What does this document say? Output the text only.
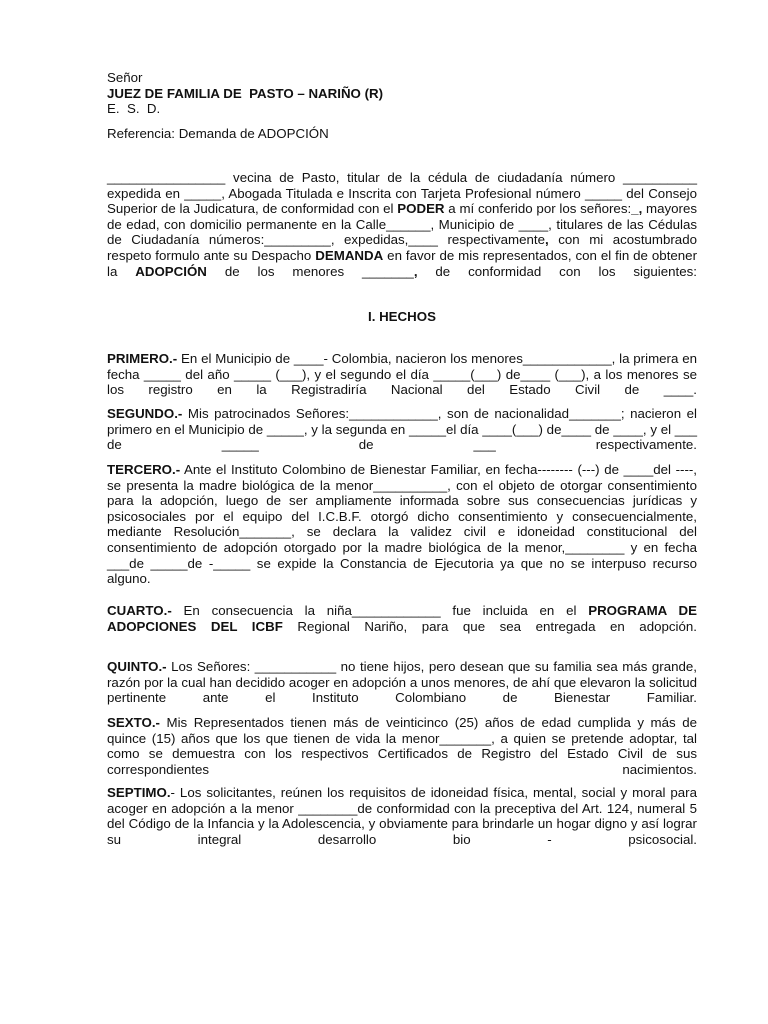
Señor
JUEZ DE FAMILIA DE  PASTO – NARIÑO (R)
E.  S.  D.

Referencia: Demanda de ADOPCIÓN

________________ vecina de Pasto, titular de la cédula de ciudadanía número __________ expedida en _____, Abogada Titulada e Inscrita con Tarjeta Profesional número _____ del Consejo Superior de la Judicatura, de conformidad con el PODER a mí conferido por los señores:_, mayores de edad, con domicilio permanente en la Calle______, Municipio de ____, titulares de las Cédulas de Ciudadanía números:_________, expedidas,____ respectivamente, con mi acostumbrado respeto formulo ante su Despacho DEMANDA en favor de mis representados, con el fin de obtener la ADOPCIÓN de los menores _______, de conformidad con los siguientes:

I. HECHOS

PRIMERO.- En el Municipio de ____- Colombia, nacieron los menores____________, la primera en fecha _____ del año _____ (___), y el segundo el día _____(___) de____ (___), a los menores se los registro en la Registradiría Nacional del Estado Civil de ____.

SEGUNDO.- Mis patrocinados Señores:____________, son de nacionalidad_______; nacieron el primero en el Municipio de _____, y la segunda en _____el día ____(___) de____ de ____, y el ___ de _____ de ___ respectivamente.

TERCERO.- Ante el Instituto Colombino de Bienestar Familiar, en fecha-------- (---) de ____del ----, se presenta la madre biológica de la menor__________, con el objeto de otorgar consentimiento para la adopción, luego de ser ampliamente informada sobre sus consecuencias jurídicas y psicosociales por el equipo del I.C.B.F. otorgó dicho consentimiento y consecuencialmente, mediante Resolución_______, se declara la validez civil e idoneidad constitucional del consentimiento de adopción otorgado por la madre biológica de la menor,________ y en fecha ___de _____de -_____ se expide la Constancia de Ejecutoria ya que no se interpuso recurso alguno.

CUARTO.- En consecuencia la niña____________ fue incluida en el PROGRAMA DE ADOPCIONES DEL ICBF Regional Nariño, para que sea entregada en adopción.

QUINTO.- Los Señores: ___________ no tiene hijos, pero desean que su familia sea más grande, razón por la cual han decidido acoger en adopción a unos menores, de ahí que elevaron la solicitud pertinente ante el Instituto Colombiano de Bienestar Familiar.

SEXTO.- Mis Representados tienen más de veinticinco (25) años de edad cumplida y más de quince (15) años que los que tienen de vida la menor_______, a quien se pretende adoptar, tal como se demuestra con los respectivos Certificados de Registro del Estado Civil de sus correspondientes nacimientos.

SEPTIMO.- Los solicitantes, reúnen los requisitos de idoneidad física, mental, social y moral para acoger en adopción a la menor ________de conformidad con la preceptiva del Art. 124, numeral 5 del Código de la Infancia y la Adolescencia, y obviamente para brindarle un hogar digno y así lograr su integral desarrollo bio - psicosocial.
